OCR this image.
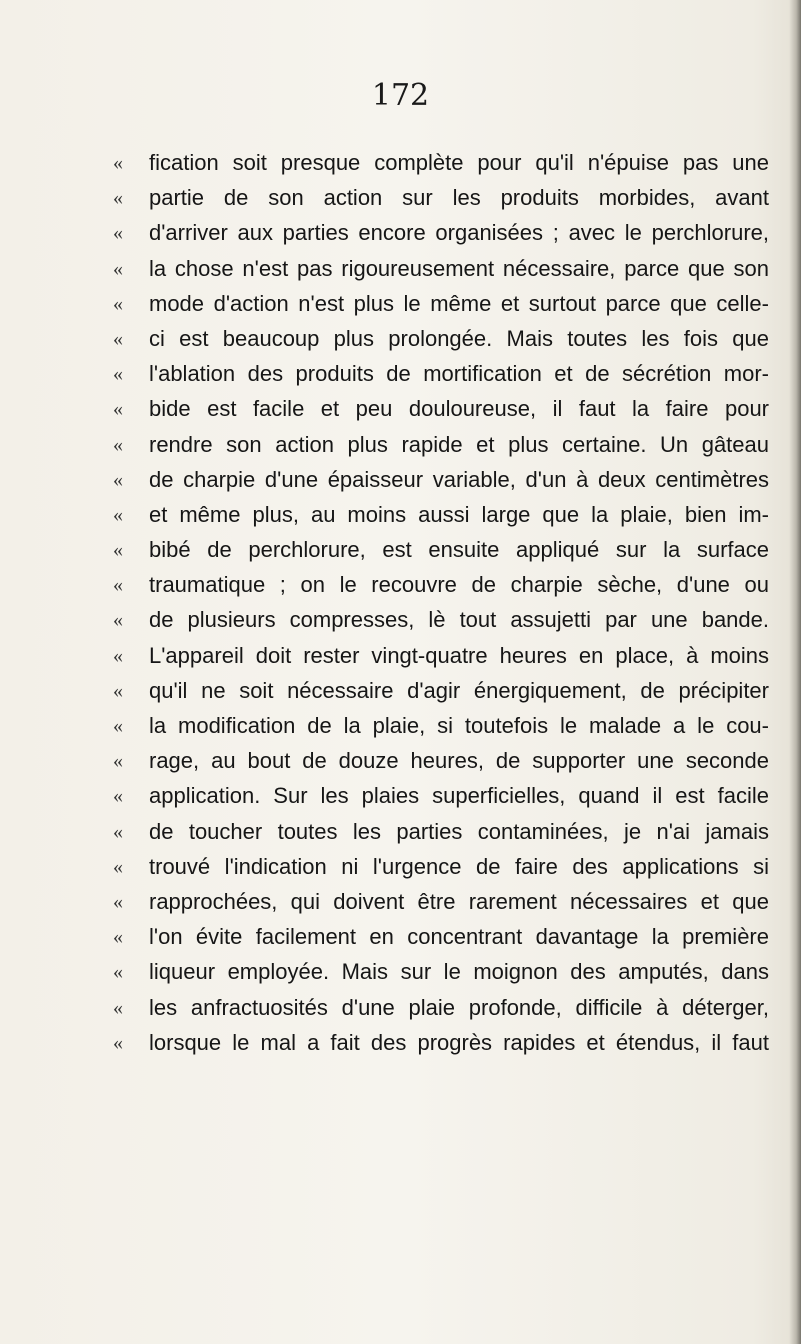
172
«	fication soit presque complète pour qu'il n'épuise pas une
«	partie de son action sur les produits morbides, avant
«	d'arriver aux parties encore organisées ; avec le perchlorure,
«	la chose n'est pas rigoureusement nécessaire, parce que son
«	mode d'action n'est plus le même et surtout parce que celle-
«	ci est beaucoup plus prolongée. Mais toutes les fois que
«	l'ablation des produits de mortification et de sécrétion mor-
«	bide est facile et peu douloureuse, il faut la faire pour
«	rendre son action plus rapide et plus certaine. Un gâteau
«	de charpie d'une épaisseur variable, d'un à deux centimètres
«	et même plus, au moins aussi large que la plaie, bien im-
«	bibé de perchlorure, est ensuite appliqué sur la surface
«	traumatique ; on le recouvre de charpie sèche, d'une ou
«	de plusieurs compresses, lè tout assujetti par une bande.
«	L'appareil doit rester vingt-quatre heures en place, à moins
«	qu'il ne soit nécessaire d'agir énergiquement, de précipiter
«	la modification de la plaie, si toutefois le malade a le cou-
«	rage, au bout de douze heures, de supporter une seconde
«	application. Sur les plaies superficielles, quand il est facile
«	de toucher toutes les parties contaminées, je n'ai jamais
«	trouvé l'indication ni l'urgence de faire des applications si
«	rapprochées, qui doivent être rarement nécessaires et que
«	l'on évite facilement en concentrant davantage la première
«	liqueur employée. Mais sur le moignon des amputés, dans
«	les anfractuosités d'une plaie profonde, difficile à déterger,
«	lorsque le mal a fait des progrès rapides et étendus, il faut
